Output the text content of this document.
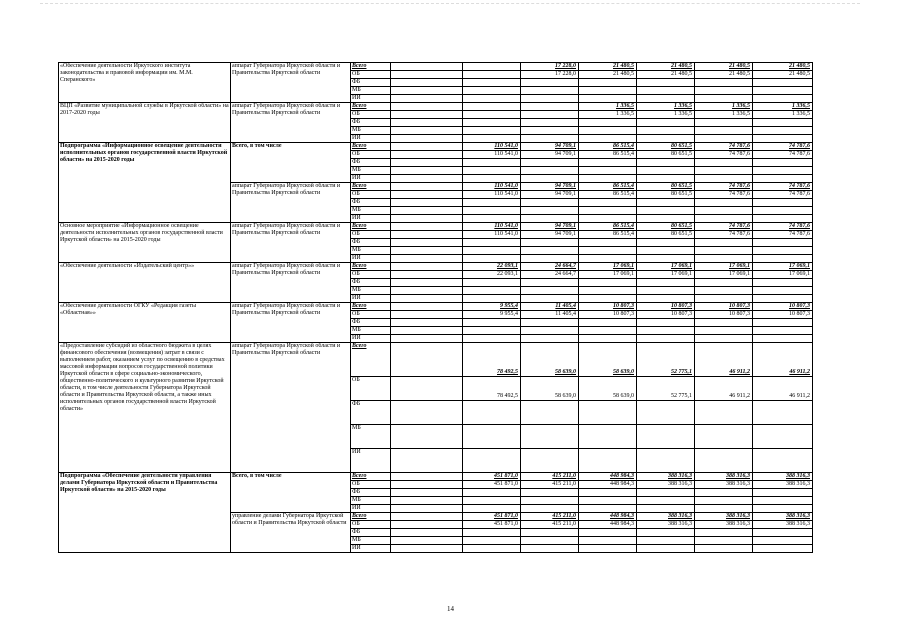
«Обеспечение деятельности Иркутского института законодательства и правовой информации им. М.М. Сперанского»	аппарат Губернатора Иркутской области и Правительства Иркутской области	Всего			17 228,0	21 480,5	21 480,5	21 480,5	21 480,5
		ОБ			17 228,0	21 480,5	21 480,5	21 480,5	21 480,5
		ФБ							
		МБ							
		ИИ							
ВЦП «Развитие муниципальной службы в Иркутской области» на 2017-2020 годы	аппарат Губернатора Иркутской области и Правительства Иркутской области	Всего				1 336,5	1 336,5	1 336,5	1 336,5
		ОБ				1 336,5	1 336,5	1 336,5	1 336,5
		ФБ							
		МБ							
		ИИ							
Подпрограмма «Информационное освещение деятельности исполнительных органов государственной власти Иркутской области» на 2015-2020 годы	Всего, в том числе	Всего		110 541,0	94 709,1	86 515,4	80 651,5	74 787,6	74 787,6
		ОБ		110 541,0	94 709,1	86 515,4	80 651,5	74 787,6	74 787,6
		ФБ							
		МБ							
		ИИ							
	аппарат Губернатора Иркутской области и Правительства Иркутской области	Всего		110 541,0	94 709,1	86 515,4	80 651,5	74 787,6	74 787,6
		ОБ		110 541,0	94 709,1	86 515,4	80 651,5	74 787,6	74 787,6
		ФБ							
		МБ							
		ИИ							
Основное мероприятие «Информационное освещение деятельности исполнительных органов государственной власти Иркутской области» на 2015-2020 годы	аппарат Губернатора Иркутской области и Правительства Иркутской области	Всего		110 541,0	94 709,1	86 515,4	80 651,5	74 787,6	74 787,6
		ОБ		110 541,0	94 709,1	86 515,4	80 651,5	74 787,6	74 787,6
		ФБ							
		МБ							
		ИИ							
«Обеспечение деятельности «Издательский центр»»	аппарат Губернатора Иркутской области и Правительства Иркутской области	Всего		22 093,1	24 664,7	17 069,1	17 069,1	17 069,1	17 069,1
		ОБ		22 093,1	24 664,7	17 069,1	17 069,1	17 069,1	17 069,1
		ФБ							
		МБ							
		ИИ							
«Обеспечение деятельности ОГКУ «Редакция газеты «Областная»»	аппарат Губернатора Иркутской области и Правительства Иркутской области	Всего		9 955,4	11 405,4	10 807,3	10 807,3	10 807,3	10 807,3
		ОБ		9 955,4	11 405,4	10 807,3	10 807,3	10 807,3	10 807,3
		ФБ							
		МБ							
		ИИ							
«Предоставление субсидий из областного бюджета в целях финансового обеспечения (возмещения) затрат в связи с выполнением работ, оказанием услуг по освещению в средствах массовой информации вопросов государственной политики Иркутской области в сфере социально-экономического, общественно-политического и культурного развития Иркутской области, в том числе деятельности Губернатора Иркутской области и Правительства Иркутской области, а также иных исполнительных органов государственной власти Иркутской области»	аппарат Губернатора Иркутской области и Правительства Иркутской области	Всего		78 492,5	58 639,0	58 639,0	52 775,1	46 911,2	46 911,2
		ОБ		78 492,5	58 639,0	58 639,0	52 775,1	46 911,2	46 911,2
		ФБ							
		МБ							
		ИИ							
Подпрограмма «Обеспечение деятельности управления делами Губернатора Иркутской области и Правительства Иркутской области» на 2015-2020 годы	Всего, в том числе	Всего		451 871,0	415 211,0	448 984,3	388 316,3	388 316,3	388 316,3
		ОБ		451 871,0	415 211,0	448 984,3	388 316,3	388 316,3	388 316,3
		ФБ							
		МБ							
		ИИ							
	управление делами Губернатора Иркутской области и Правительства Иркутской области	Всего		451 871,0	415 211,0	448 984,3	388 316,3	388 316,3	388 316,3
		ОБ		451 871,0	415 211,0	448 984,3	388 316,3	388 316,3	388 316,3
		ФБ							
		МБ							
		ИИ							
14
